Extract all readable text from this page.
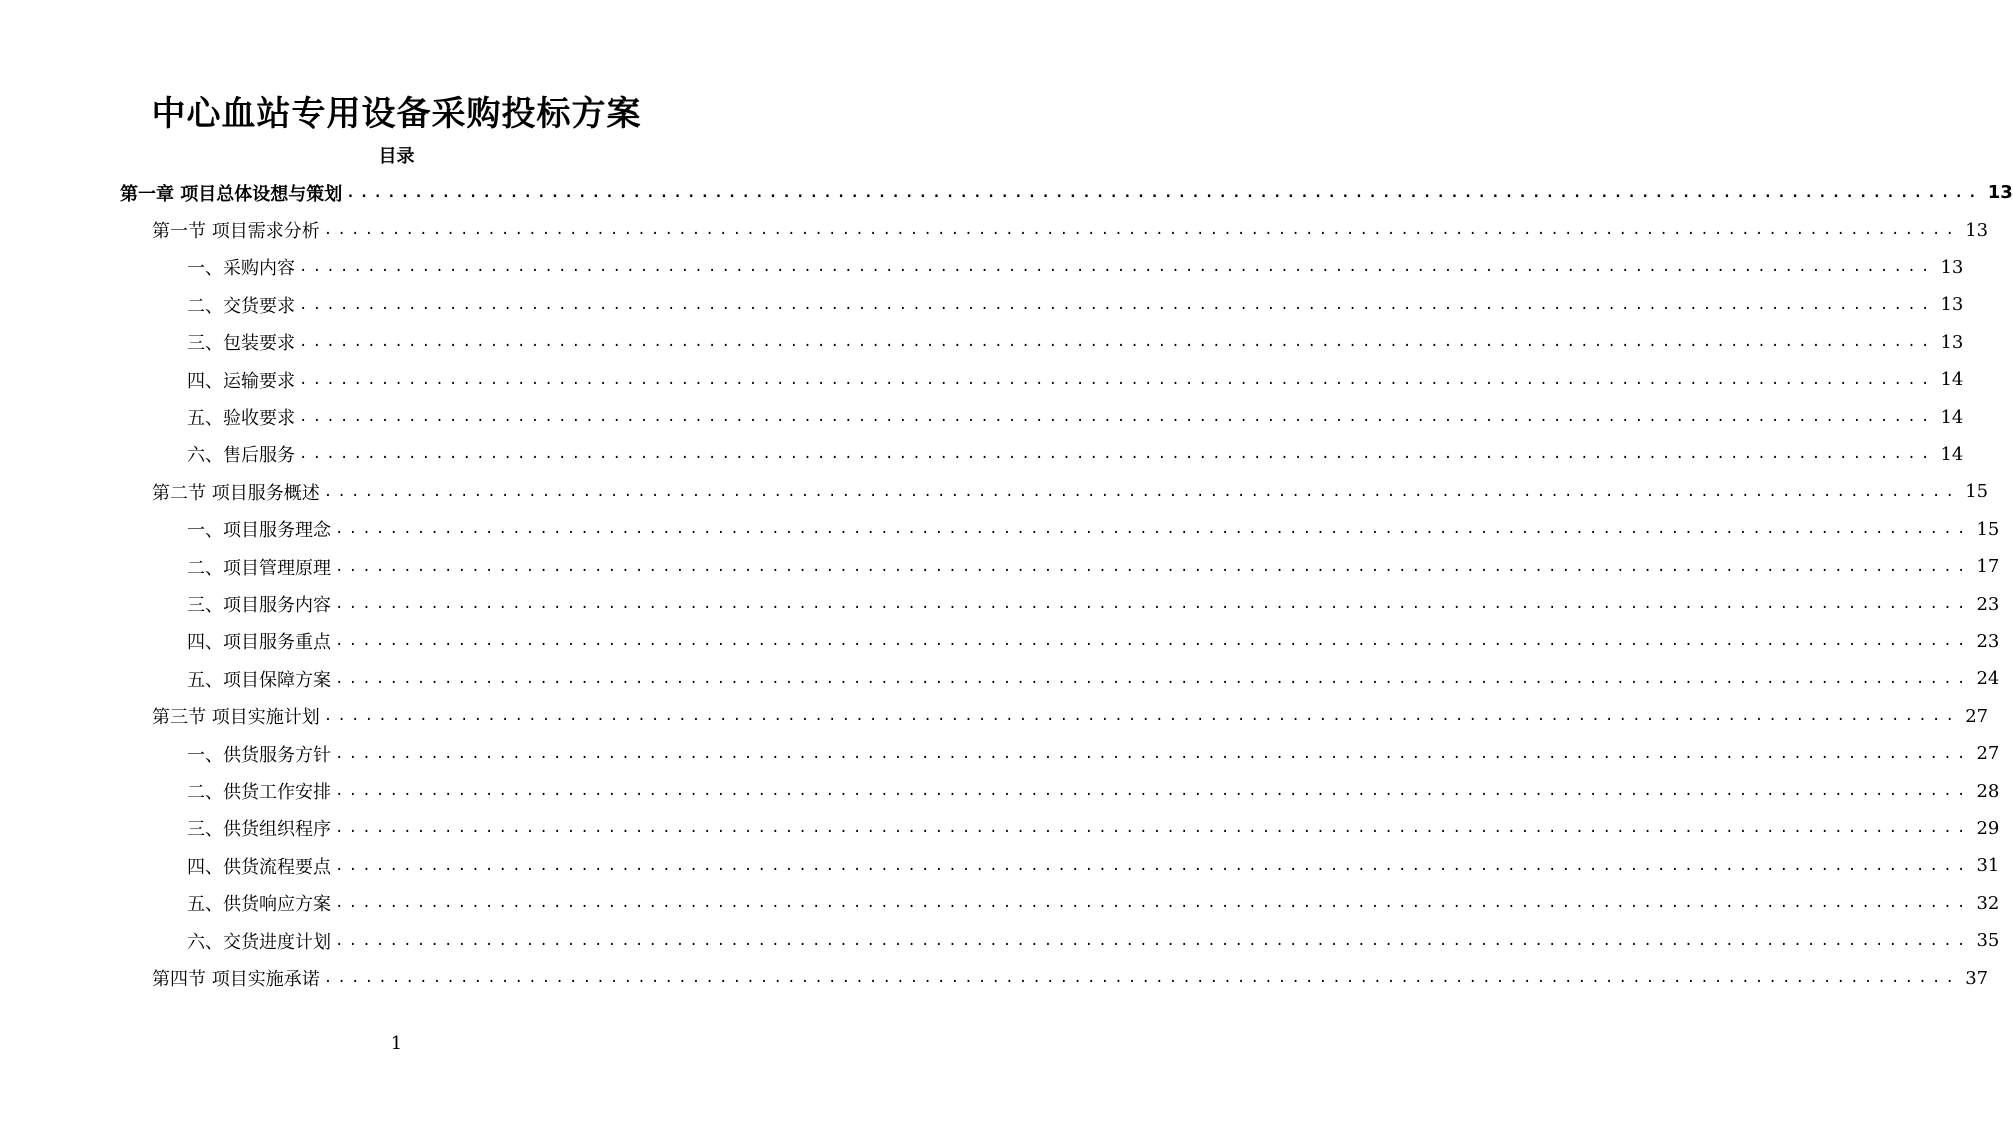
中心血站专用设备采购投标方案
目录
第一章 项目总体设想与策划 ........................................................................................................................ 13
第一节 项目需求分析 ........................................................................................................................ 13
一、采购内容 ........................................................................................................................ 13
二、交货要求 ........................................................................................................................ 13
三、包装要求 ........................................................................................................................ 13
四、运输要求 ........................................................................................................................ 14
五、验收要求 ........................................................................................................................ 14
六、售后服务 ........................................................................................................................ 14
第二节 项目服务概述 ........................................................................................................................ 15
一、项目服务理念 ........................................................................................................................ 15
二、项目管理原理 ........................................................................................................................ 17
三、项目服务内容 ........................................................................................................................ 23
四、项目服务重点 ........................................................................................................................ 23
五、项目保障方案 ........................................................................................................................ 24
第三节 项目实施计划 ........................................................................................................................ 27
一、供货服务方针 ........................................................................................................................ 27
二、供货工作安排 ........................................................................................................................ 28
三、供货组织程序 ........................................................................................................................ 29
四、供货流程要点 ........................................................................................................................ 31
五、供货响应方案 ........................................................................................................................ 32
六、交货进度计划 ........................................................................................................................ 35
第四节 项目实施承诺 ........................................................................................................................ 37
1
